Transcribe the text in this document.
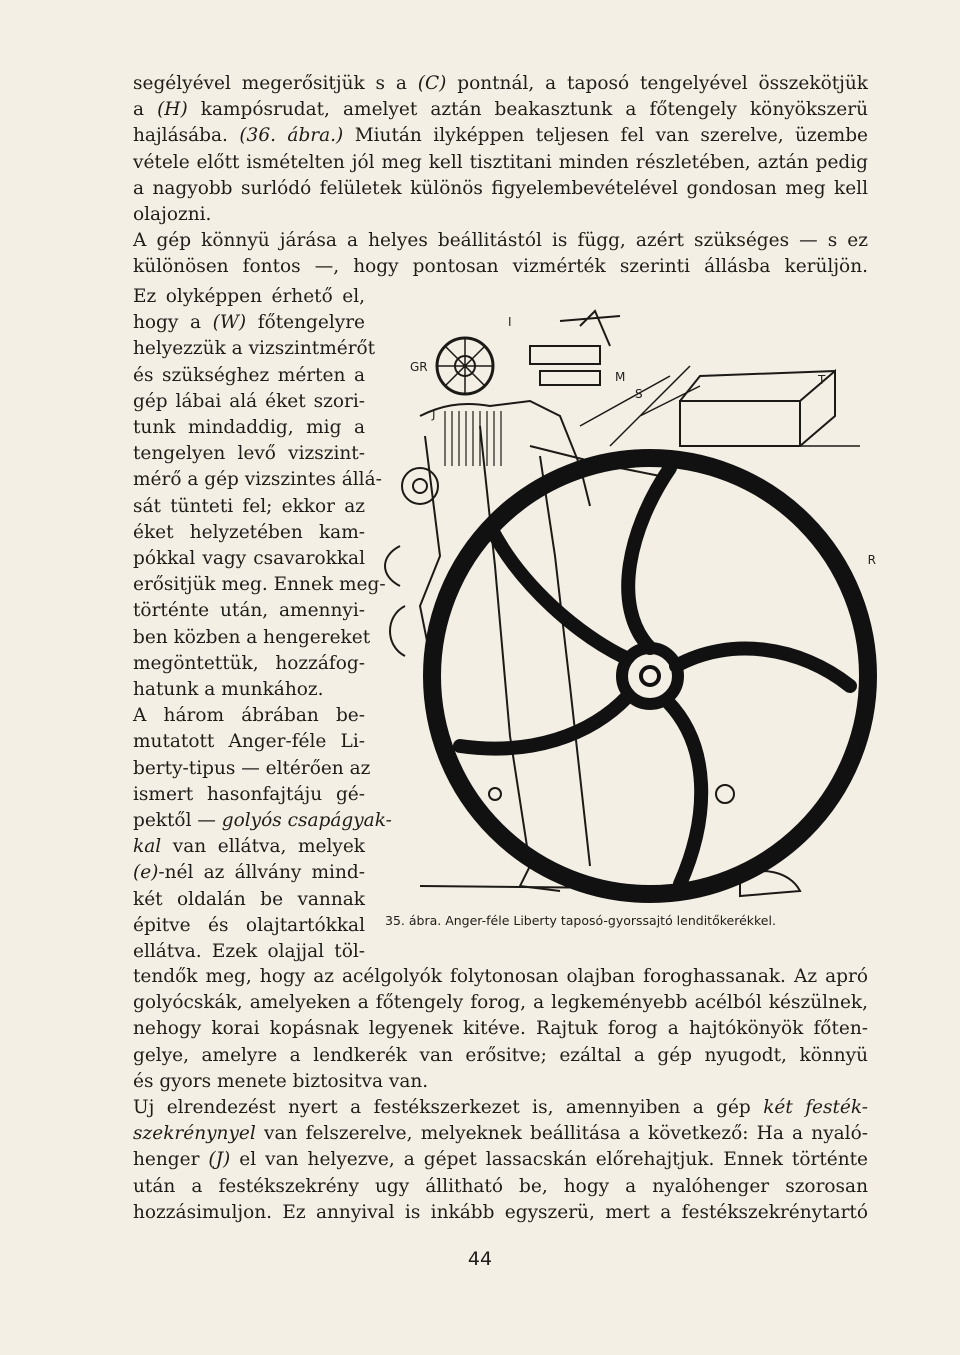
segélyével megerősitjük s a (C) pontnál, a taposó tengelyével összekötjük
a (H) kampósrudat, amelyet aztán beakasztunk a főtengely könyökszerü
hajlásába. (36. ábra.) Miután ilyképpen teljesen fel van szerelve, üzembe
vétele előtt ismételten jól meg kell tisztitani minden részletében, aztán pedig
a nagyobb surlódó felületek különös figyelembevételével gondosan meg kell
olajozni.
A gép könnyü járása a helyes beállitástól is függ, azért szükséges — s ez
különösen fontos —, hogy pontosan vizmérték szerinti állásba kerüljön.
Ez olyképpen érhető el,
hogy a (W) főtengelyre
helyezzük a vizszintmérőt
és szükséghez mérten a
gép lábai alá éket szori-
tunk mindaddig, mig a
tengelyen levő vizszint-
mérő a gép vizszintes állá-
sát tünteti fel; ekkor az
éket helyzetében kam-
pókkal vagy csavarokkal
erősitjük meg. Ennek meg-
történte után, amennyi-
ben közben a hengereket
megöntettük, hozzáfog-
hatunk a munkához.
A három ábrában be-
mutatott Anger-féle Li-
berty-tipus — eltérően az
ismert hasonfajtáju gé-
pektől — golyós csapágyak-
kal van ellátva, melyek
(e)-nél az állvány mind-
két oldalán be vannak
épitve és olajtartókkal
ellátva. Ezek olajjal töl-
tendők meg, hogy az acélgolyók folytonosan olajban foroghassanak. Az apró
golyócskák, amelyeken a főtengely forog, a legkeményebb acélból készülnek,
nehogy korai kopásnak legyenek kitéve. Rajtuk forog a hajtókönyök főten-
gelye, amelyre a lendkerék van erősitve; ezáltal a gép nyugodt, könnyü
és gyors menete biztositva van.
Uj elrendezést nyert a festékszerkezet is, amennyiben a gép két festék-
szekrénynyel van felszerelve, melyeknek beállitása a következő: Ha a nyaló-
henger (J) el van helyezve, a gépet lassacskán előrehajtjuk. Ennek történte
után a festékszekrény ugy állitható be, hogy a nyalóhenger szorosan
hozzásimuljon. Ez annyival is inkább egyszerü, mert a festékszekrénytartó
GR
I
J
M
S
T
R
35. ábra. Anger-féle Liberty taposó-gyorssajtó lenditőkerékkel.
44
